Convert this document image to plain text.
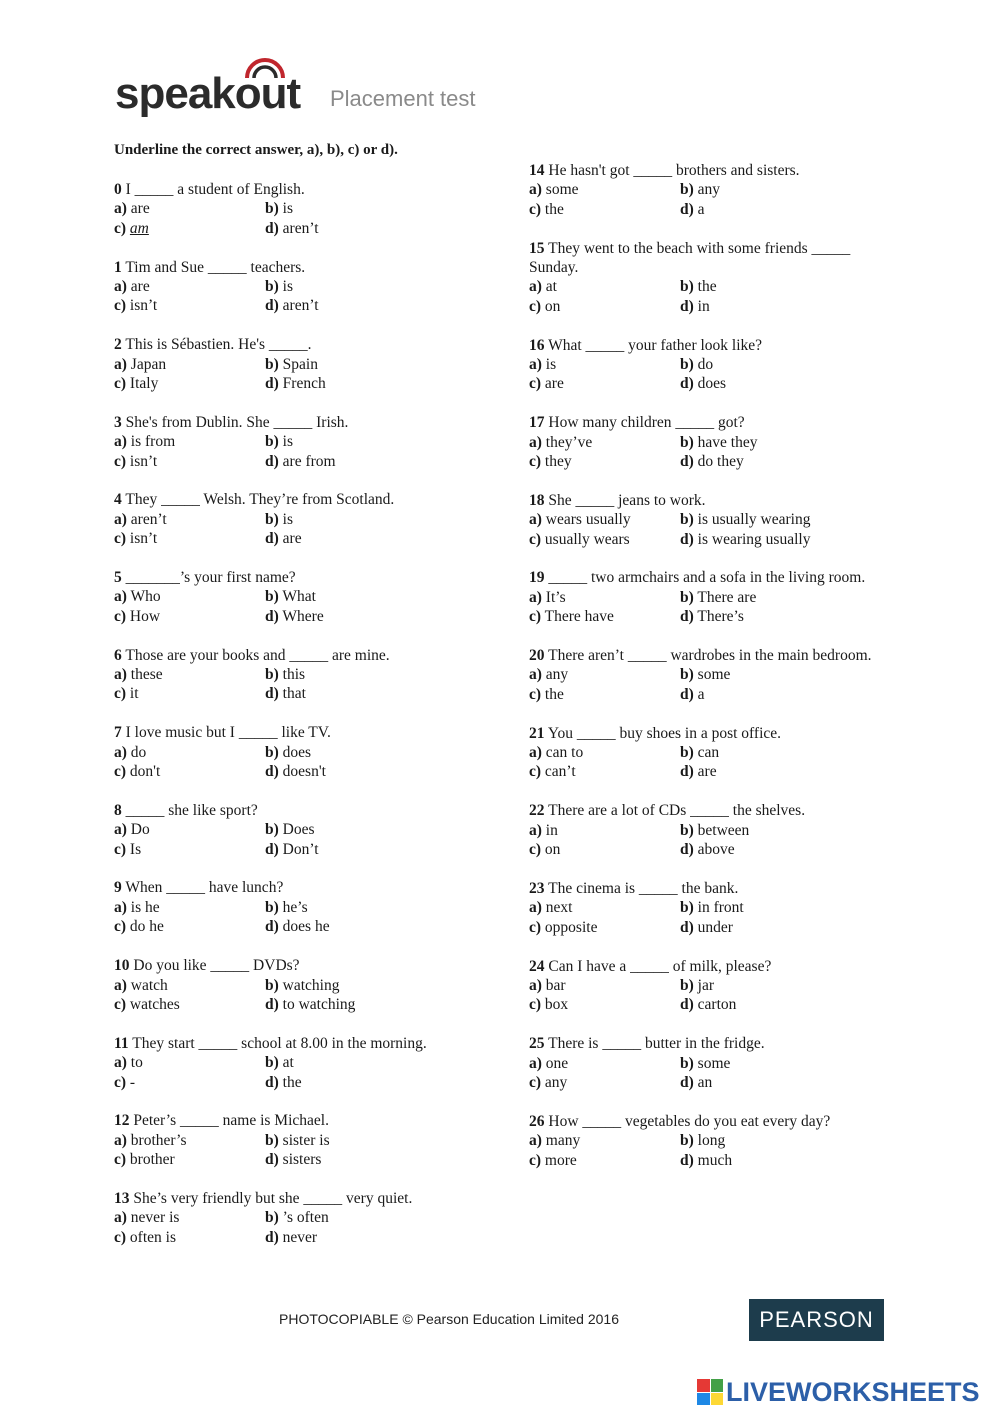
speakout Placement test
Underline the correct answer, a), b), c) or d).
0 I _____ a student of English.
a) are	b) is
c) am	d) aren’t
1 Tim and Sue _____ teachers.
a) are	b) is
c) isn’t	d) aren’t
2 This is Sébastien. He's _____.
a) Japan	b) Spain
c) Italy	d) French
3 She's from Dublin. She _____ Irish.
a) is from	b) is
c) isn’t	d) are from
4 They _____ Welsh. They’re from Scotland.
a) aren’t	b) is
c) isn’t	d) are
5 _______’s your first name?
a) Who	b) What
c) How	d) Where
6 Those are your books and _____ are mine.
a) these	b) this
c) it	d) that
7 I love music but I _____ like TV.
a) do	b) does
c) don't	d) doesn't
8 _____ she like sport?
a) Do	b) Does
c) Is	d) Don’t
9 When _____ have lunch?
a) is he	b) he’s
c) do he	d) does he
10 Do you like _____ DVDs?
a) watch	b) watching
c) watches	d) to watching
11 They start _____ school at 8.00 in the morning.
a) to	b) at
c) -	d) the
12 Peter’s _____ name is Michael.
a) brother’s	b) sister is
c) brother	d) sisters
13 She’s very friendly but she _____ very quiet.
a) never is	b) ’s often
c) often is	d) never
14 He hasn't got _____ brothers and sisters.
a) some	b) any
c) the	d) a
15 They went to the beach with some friends _____ Sunday.
a) at	b) the
c) on	d) in
16 What _____ your father look like?
a) is	b) do
c) are	d) does
17 How many children _____ got?
a) they’ve	b) have they
c) they	d) do they
18 She _____ jeans to work.
a) wears usually	b) is usually wearing
c) usually wears	d) is wearing usually
19 _____ two armchairs and a sofa in the living room.
a) It’s	b) There are
c) There have	d) There’s
20 There aren’t _____ wardrobes in the main bedroom.
a) any	b) some
c) the	d) a
21 You _____ buy shoes in a post office.
a) can to	b) can
c) can’t	d) are
22 There are a lot of CDs _____ the shelves.
a) in	b) between
c) on	d) above
23 The cinema is _____ the bank.
a) next	b) in front
c) opposite	d) under
24 Can I have a _____ of milk, please?
a) bar	b) jar
c) box	d) carton
25 There is _____ butter in the fridge.
a) one	b) some
c) any	d) an
26 How _____ vegetables do you eat every day?
a) many	b) long
c) more	d) much
PHOTOCOPIABLE © Pearson Education Limited 2016	PEARSON
LIVEWORKSHEETS
